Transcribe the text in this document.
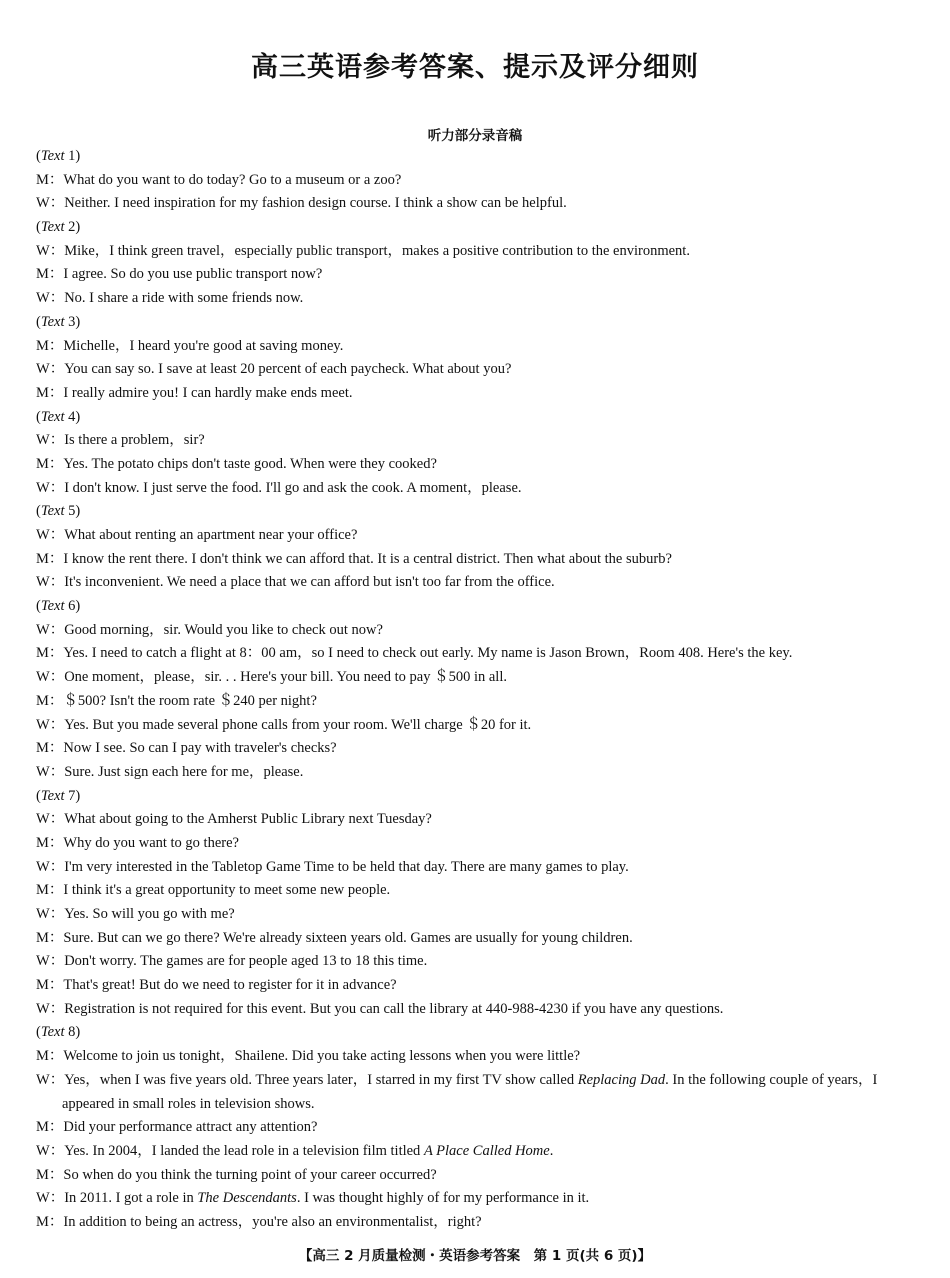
高三英语参考答案、提示及评分细则
听力部分录音稿
(Text 1)
M：What do you want to do today? Go to a museum or a zoo?
W：Neither. I need inspiration for my fashion design course. I think a show can be helpful.
(Text 2)
W：Mike，I think green travel，especially public transport，makes a positive contribution to the environment.
M：I agree. So do you use public transport now?
W：No. I share a ride with some friends now.
(Text 3)
M：Michelle，I heard you're good at saving money.
W：You can say so. I save at least 20 percent of each paycheck. What about you?
M：I really admire you! I can hardly make ends meet.
(Text 4)
W：Is there a problem，sir?
M：Yes. The potato chips don't taste good. When were they cooked?
W：I don't know. I just serve the food. I'll go and ask the cook. A moment，please.
(Text 5)
W：What about renting an apartment near your office?
M：I know the rent there. I don't think we can afford that. It is a central district. Then what about the suburb?
W：It's inconvenient. We need a place that we can afford but isn't too far from the office.
(Text 6)
W：Good morning，sir. Would you like to check out now?
M：Yes. I need to catch a flight at 8：00 am，so I need to check out early. My name is Jason Brown，Room 408. Here's the key.
W：One moment，please，sir. . . Here's your bill. You need to pay ＄500 in all.
M：＄500? Isn't the room rate ＄240 per night?
W：Yes. But you made several phone calls from your room. We'll charge ＄20 for it.
M：Now I see. So can I pay with traveler's checks?
W：Sure. Just sign each here for me，please.
(Text 7)
W：What about going to the Amherst Public Library next Tuesday?
M：Why do you want to go there?
W：I'm very interested in the Tabletop Game Time to be held that day. There are many games to play.
M：I think it's a great opportunity to meet some new people.
W：Yes. So will you go with me?
M：Sure. But can we go there? We're already sixteen years old. Games are usually for young children.
W：Don't worry. The games are for people aged 13 to 18 this time.
M：That's great! But do we need to register for it in advance?
W：Registration is not required for this event. But you can call the library at 440-988-4230 if you have any questions.
(Text 8)
M：Welcome to join us tonight，Shailene. Did you take acting lessons when you were little?
W：Yes，when I was five years old. Three years later，I starred in my first TV show called Replacing Dad. In the following couple of years，I appeared in small roles in television shows.
M：Did your performance attract any attention?
W：Yes. In 2004，I landed the lead role in a television film titled A Place Called Home.
M：So when do you think the turning point of your career occurred?
W：In 2011. I got a role in The Descendants. I was thought highly of for my performance in it.
M：In addition to being an actress，you're also an environmentalist，right?
【高三 2 月质量检测・英语参考答案　第 1 页(共 6 页)】
